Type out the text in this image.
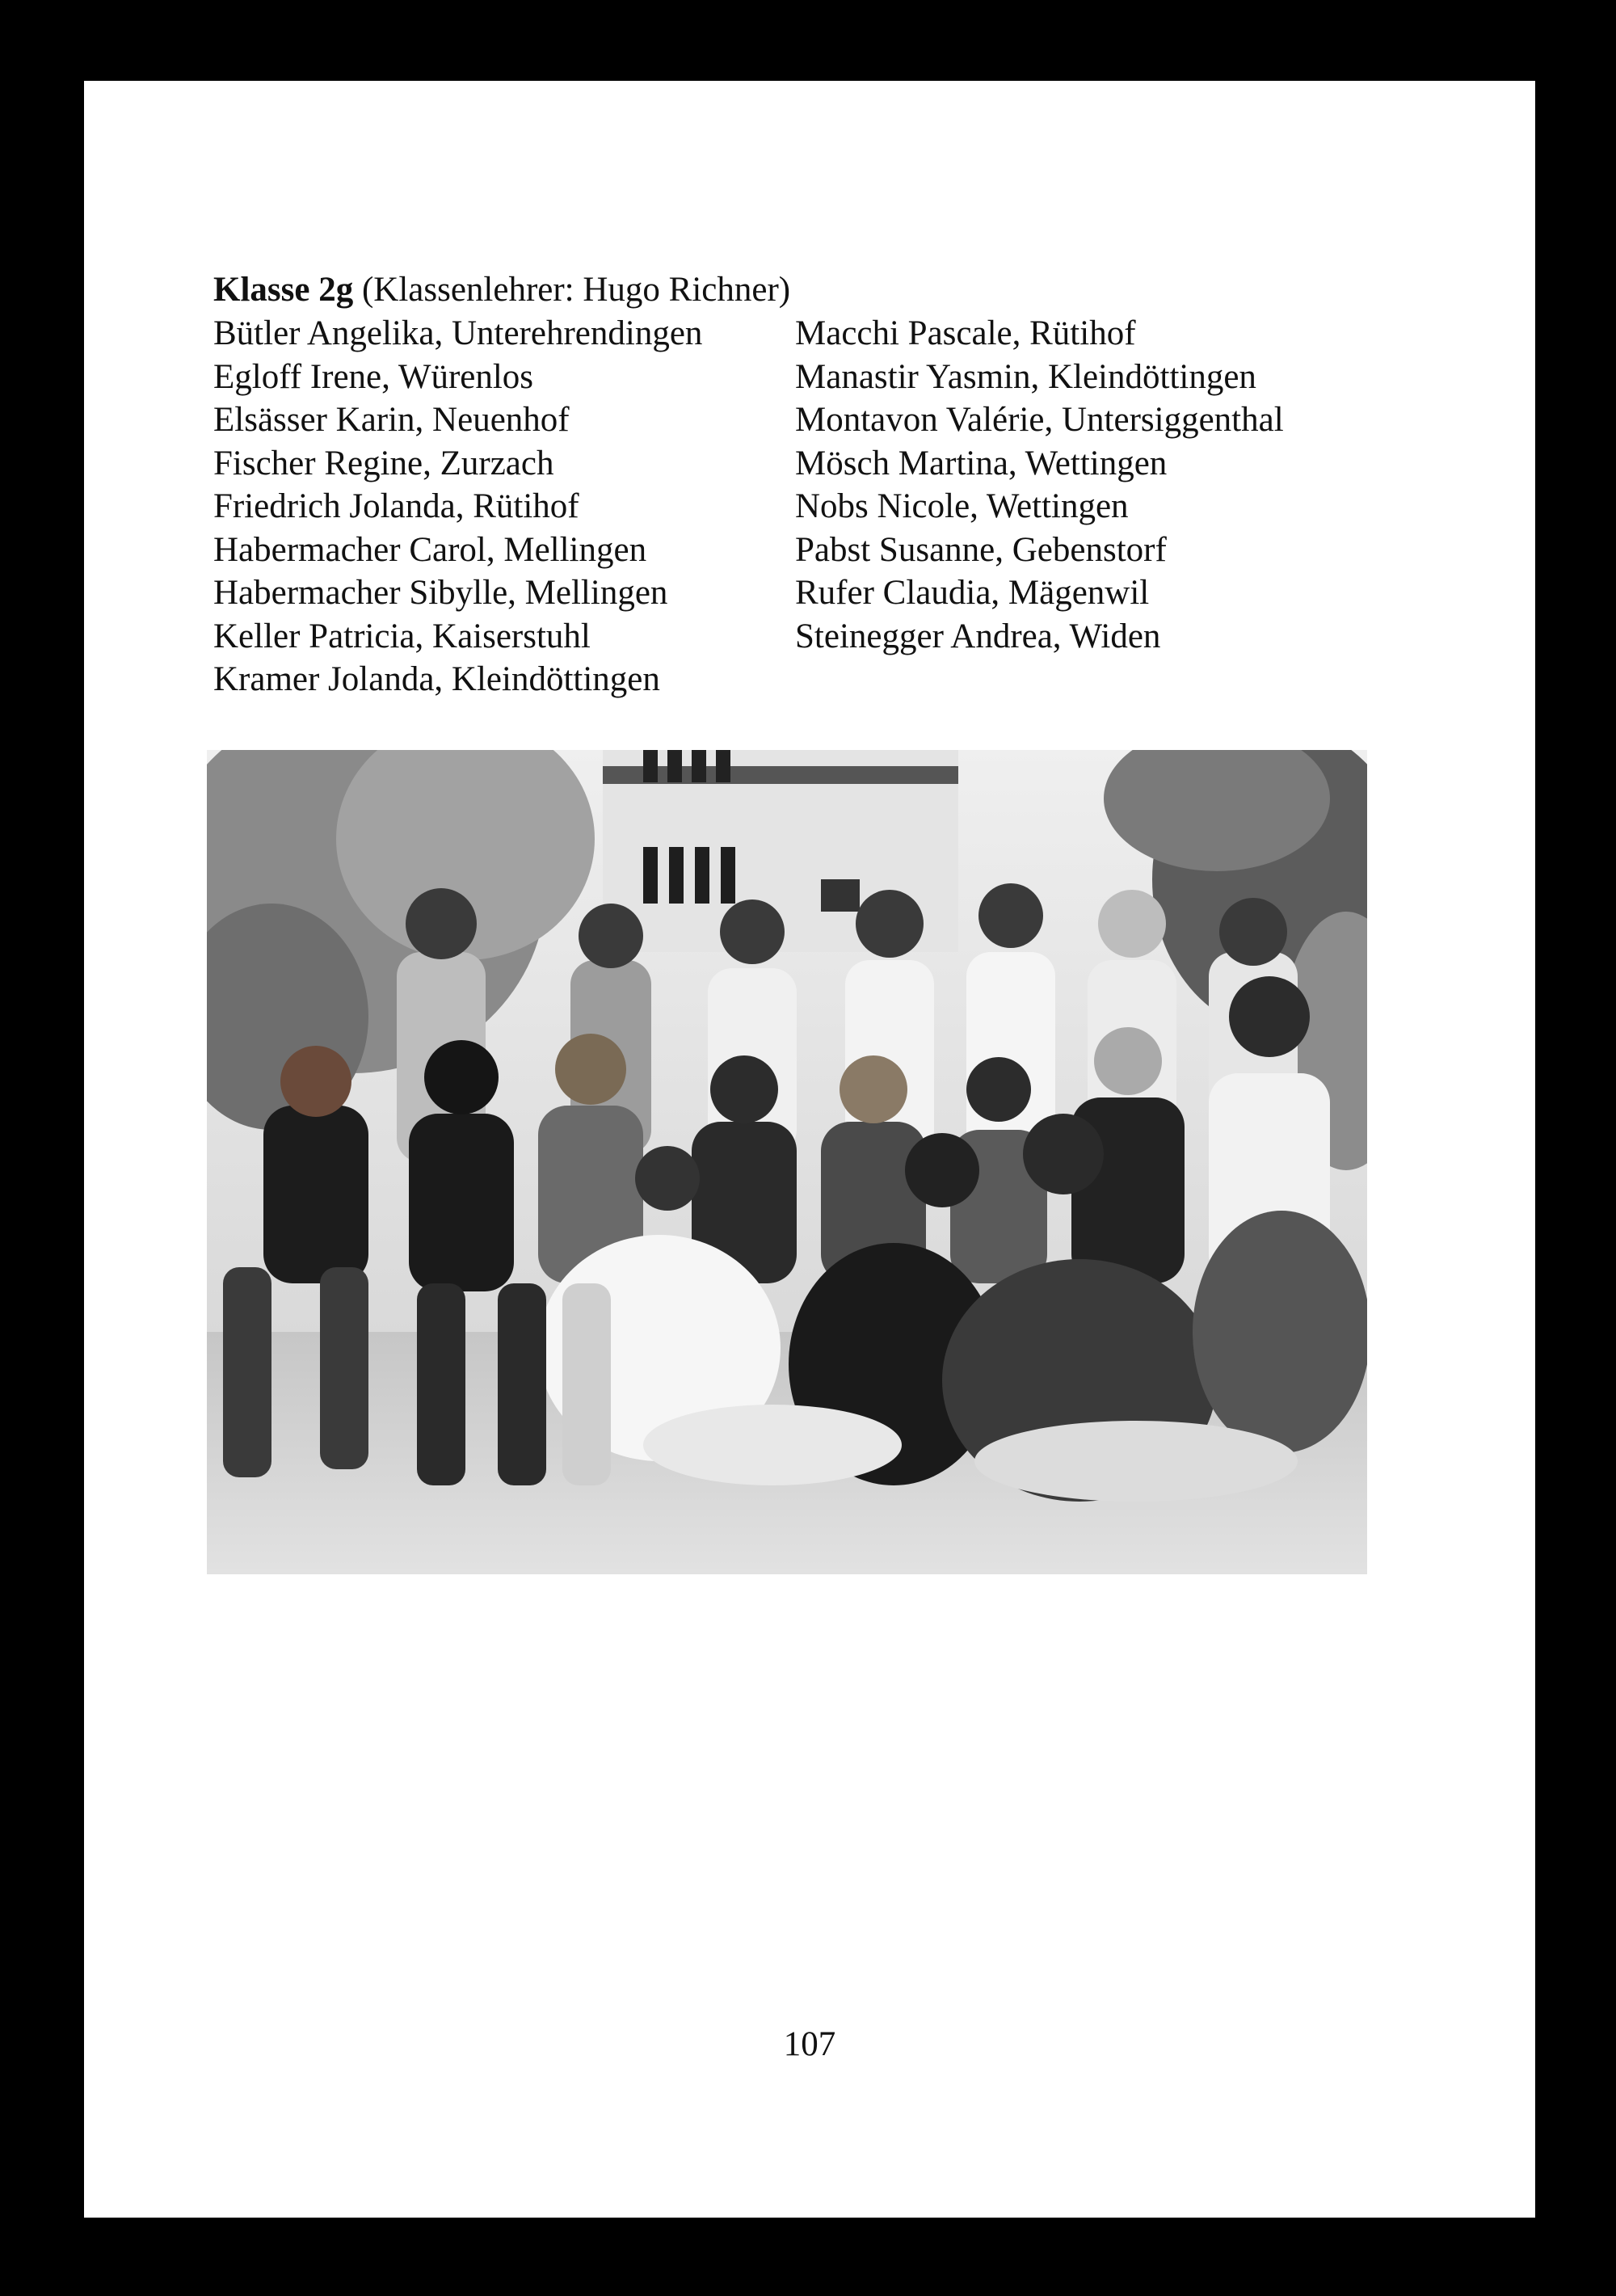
Klasse 2g (Klassenlehrer: Hugo Richner)
Bütler Angelika, Unterehrendingen
Egloff Irene, Würenlos
Elsässer Karin, Neuenhof
Fischer Regine, Zurzach
Friedrich Jolanda, Rütihof
Habermacher Carol, Mellingen
Habermacher Sibylle, Mellingen
Keller Patricia, Kaiserstuhl
Kramer Jolanda, Kleindöttingen
Macchi Pascale, Rütihof
Manastir Yasmin, Kleindöttingen
Montavon Valérie, Untersiggenthal
Mösch Martina, Wettingen
Nobs Nicole, Wettingen
Pabst Susanne, Gebenstorf
Rufer Claudia, Mägenwil
Steinegger Andrea, Widen
107
